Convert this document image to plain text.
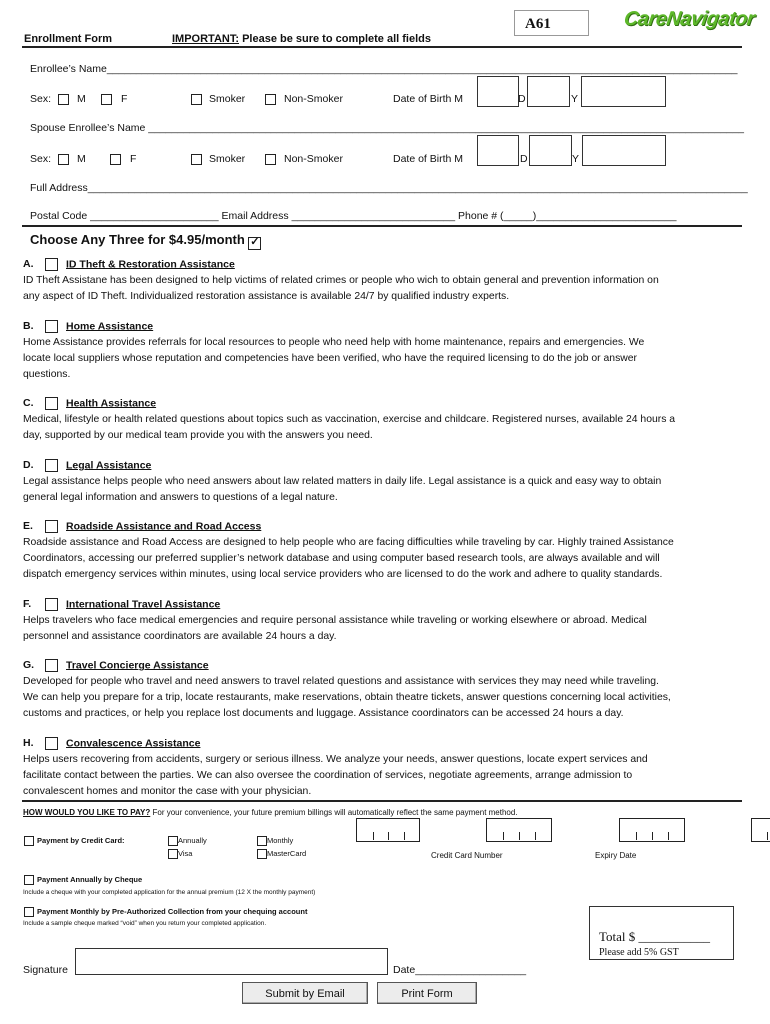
Enrollment Form	IMPORTANT: Please be sure to complete all fields
A61	CareNavigator
Enrollee’s Name____________________________________________________________________________________________________________
Sex: M	F	Smoker	Non-Smoker	Date of Birth M	D	Y
Spouse Enrollee’s Name ______________________________________________________________________________________________________
Sex: M	F	Smoker	Non-Smoker	Date of Birth M	D	Y
Full Address_________________________________________________________________________________________________________________
Postal Code ______________________ Email Address ____________________________ Phone # (_____)________________________
Choose Any Three for $4.95/month ✓
A.	ID Theft & Restoration Assistance
ID Theft Assistane has been designed to help victims of related crimes or people who wich to obtain general and prevention information on
any aspect of ID Theft. Individualized restoration assistance is available 24/7 by qualified industry experts.
B.	Home Assistance
Home Assistance provides referrals for local resources to people who need help with home maintenance, repairs and emergencies. We
locate local suppliers whose reputation and competencies have been verified, who have the required licensing to do the job or answer
questions.
C.	Health Assistance
Medical, lifestyle or health related questions about topics such as vaccination, exercise and childcare. Registered nurses, available 24 hours a
day, supported by our medical team provide you with the answers you need.
D.	Legal Assistance
Legal assistance helps people who need answers about law related matters in daily life. Legal assistance is a quick and easy way to obtain
general legal information and answers to questions of a legal nature.
E.	Roadside Assistance and Road Access
Roadside assistance and Road Access are designed to help people who are facing difficulties while traveling by car. Highly trained Assistance
Coordinators, accessing our preferred supplier’s network database and using computer based research tools, are always available and will
dispatch emergency services within minutes, using local service providers who are licensed to do the work and adhere to quality standards.
F.	International Travel Assistance
Helps travelers who face medical emergencies and require personal assistance while traveling or working elsewhere or abroad. Medical
personnel and assistance coordinators are available 24 hours a day.
G.	Travel Concierge Assistance
Developed for people who travel and need answers to travel related questions and assistance with services they may need while traveling.
We can help you prepare for a trip, locate restaurants, make reservations, obtain theatre tickets, answer questions concerning local activities,
customs and practices, or help you replace lost documents and luggage. Assistance coordinators can be accessed 24 hours a day.
H.	Convalescence Assistance
Helps users recovering from accidents, surgery or serious illness. We analyze your needs, answer questions, locate expert services and
facilitate contact between the parties. We can also oversee the coordination of services, negotiate agreements, arrange admission to
convalescent homes and monitor the case with your physician.
HOW WOULD YOU LIKE TO PAY? For your convenience, your future premium billings will automatically reflect the same payment method.
Payment by Credit Card:	Annually
Visa
Monthly
MasterCard	Credit Card Number	Expiry Date
Payment Annually by Cheque
Include a cheque with your completed application for the annual premium (12 X the monthly payment)
Payment Monthly by Pre-Authorized Collection from your chequing account
Include a sample cheque marked “void” when you return your completed application.
Total $ ___________
Please add 5% GST
Signature	Date___________________
Submit by Email	Print Form
